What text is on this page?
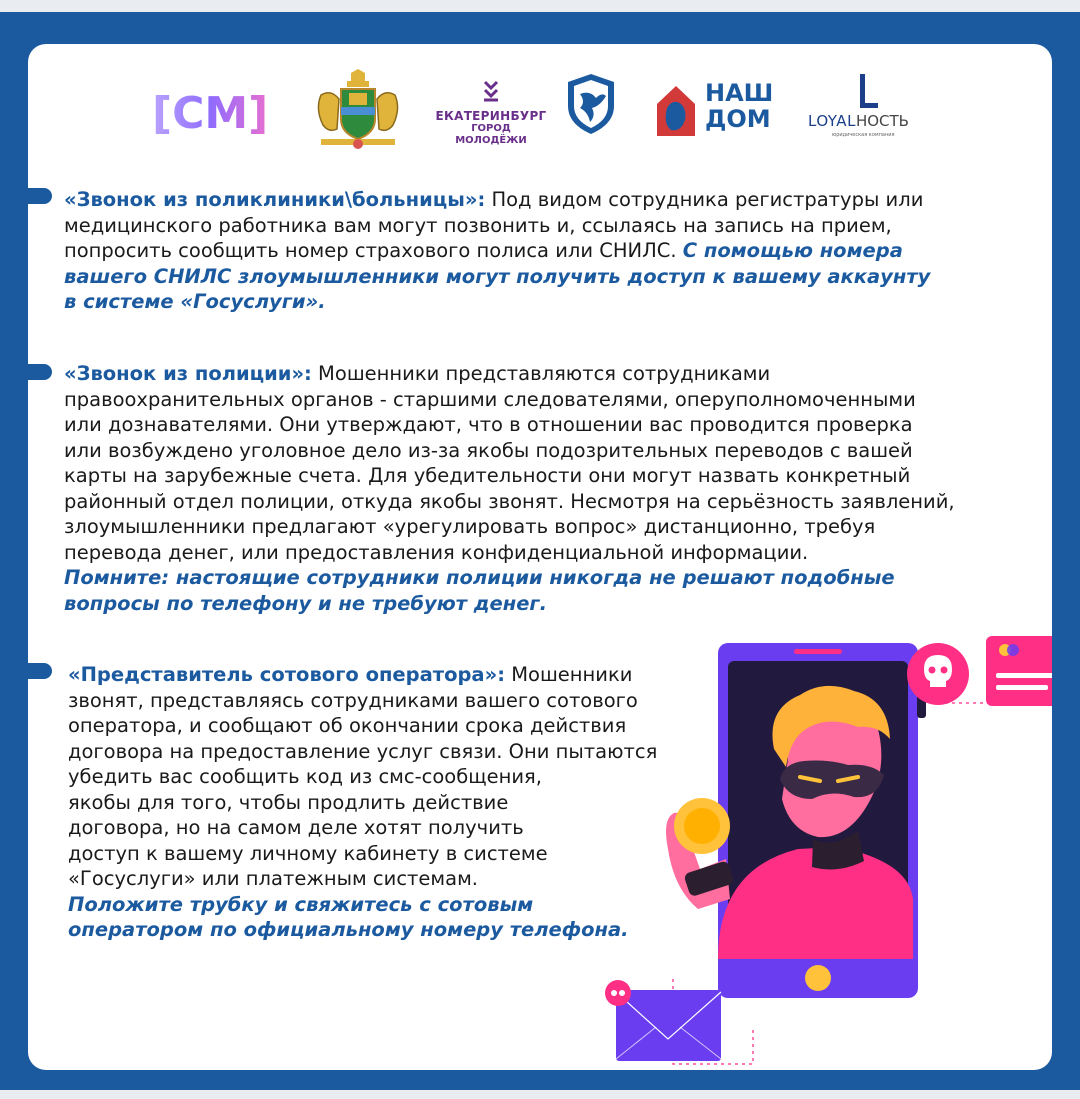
[СМ]	ЕКАТЕРИНБУРГ
ГОРОД МОЛОДЁЖИ
НАШ
ДОМ LOYALНОСТЬ
юридическая компания
«Звонок из поликлиники\больницы»: Под видом сотрудника регистратуры или
медицинского работника вам могут позвонить и, ссылаясь на запись на прием,
попросить сообщить номер страхового полиса или СНИЛС. С помощью номера
вашего СНИЛС злоумышленники могут получить доступ к вашему аккаунту
в системе «Госуслуги».
«Звонок из полиции»: Мошенники представляются сотрудниками
правоохранительных органов - старшими следователями, оперуполномоченными
или дознавателями. Они утверждают, что в отношении вас проводится проверка
или возбуждено уголовное дело из-за якобы подозрительных переводов с вашей
карты на зарубежные счета. Для убедительности они могут назвать конкретный
районный отдел полиции, откуда якобы звонят. Несмотря на серьёзность заявлений,
злоумышленники предлагают «урегулировать вопрос» дистанционно, требуя
перевода денег, или предоставления конфиденциальной информации.
Помните: настоящие сотрудники полиции никогда не решают подобные
вопросы по телефону и не требуют денег.
«Представитель сотового оператора»: Мошенники
звонят, представляясь сотрудниками вашего сотового
оператора, и сообщают об окончании срока действия
договора на предоставление услуг связи. Они пытаются
убедить вас сообщить код из смс-сообщения,
якобы для того, чтобы продлить действие
договора, но на самом деле хотят получить
доступ к вашему личному кабинету в системе
«Госуслуги» или платежным системам.
Положите трубку и свяжитесь с сотовым
оператором по официальному номеру телефона.
